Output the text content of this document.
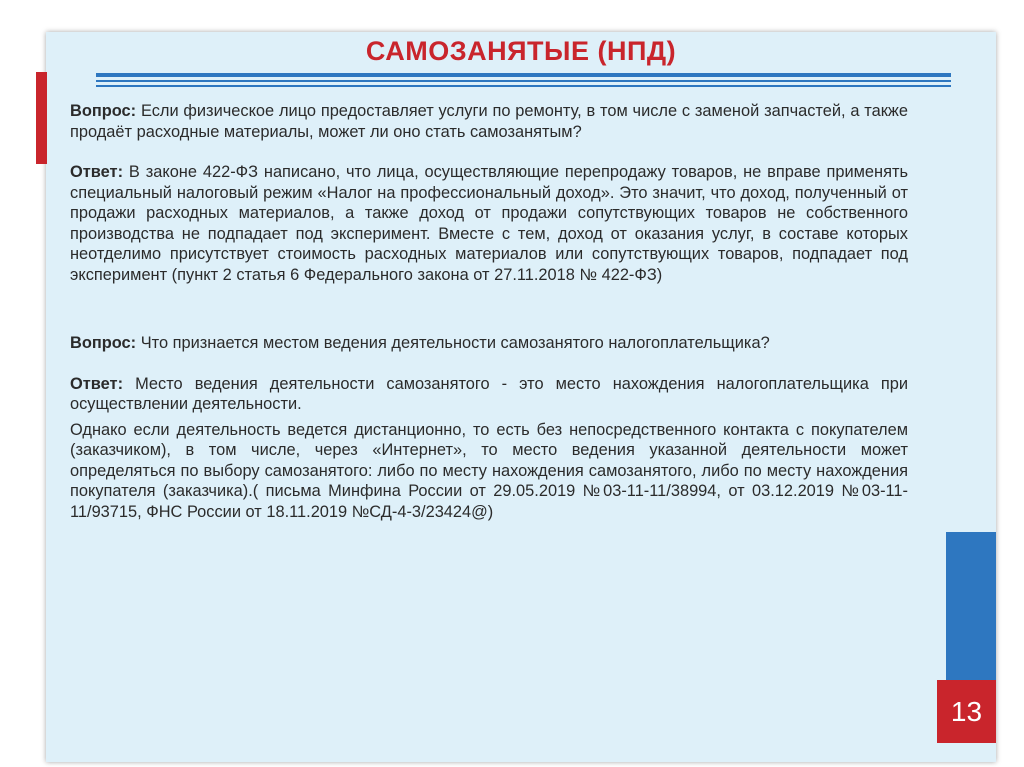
САМОЗАНЯТЫЕ (НПД)

Вопрос: Если физическое лицо предоставляет услуги по ремонту, в том числе с заменой запчастей, а также продаёт расходные материалы, может ли оно стать самозанятым?

Ответ: В законе 422-ФЗ написано, что лица, осуществляющие перепродажу товаров, не вправе применять специальный налоговый режим «Налог на профессиональный доход». Это значит, что доход, полученный от продажи расходных материалов, а также доход от продажи сопутствующих товаров не собственного производства не подпадает под эксперимент. Вместе с тем, доход от оказания услуг, в составе которых неотделимо присутствует стоимость расходных материалов или сопутствующих товаров, подпадает под эксперимент (пункт 2 статья 6 Федерального закона от 27.11.2018 № 422-ФЗ)

Вопрос: Что признается местом ведения деятельности самозанятого налогоплательщика?

Ответ: Место ведения деятельности самозанятого - это место нахождения налогоплательщика при осуществлении деятельности.

Однако если деятельность ведется дистанционно, то есть без непосредственного контакта с покупателем (заказчиком), в том числе, через «Интернет», то место ведения указанной деятельности может определяться по выбору самозанятого: либо по месту нахождения самозанятого, либо по месту нахождения покупателя (заказчика).( письма Минфина России от 29.05.2019 №03-11-11/38994, от 03.12.2019 №03-11-11/93715, ФНС России от 18.11.2019 №СД-4-3/23424@)

13
